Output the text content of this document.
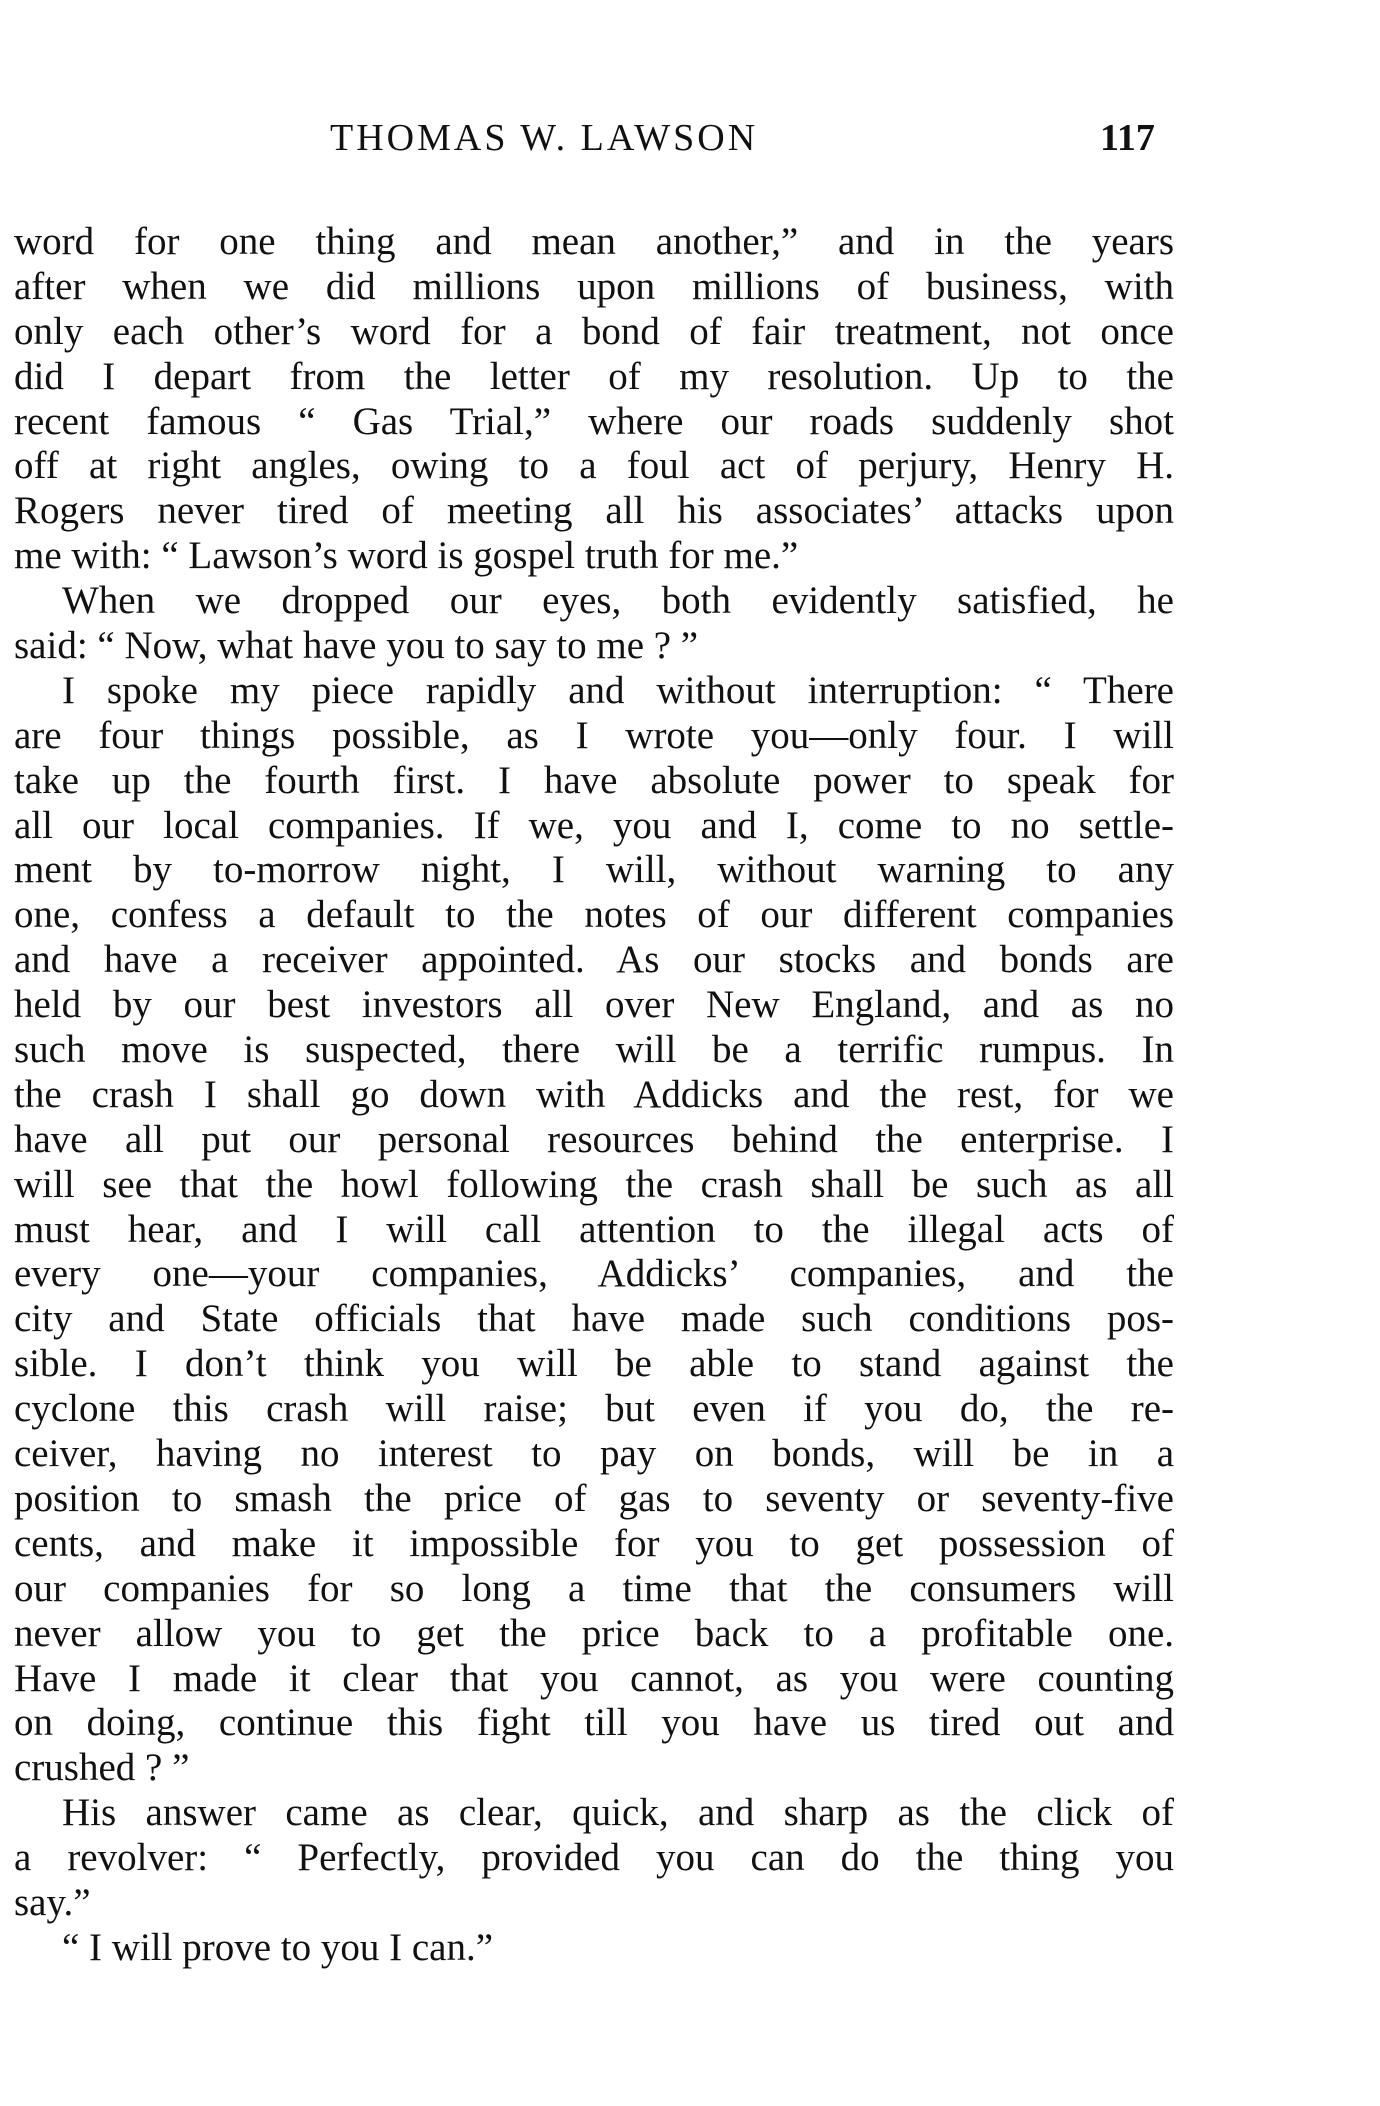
THOMAS W. LAWSON	117
word for one thing and mean another,” and in the years
after when we did millions upon millions of business, with
only each other’s word for a bond of fair treatment, not once
did I depart from the letter of my resolution. Up to the
recent famous “ Gas Trial,” where our roads suddenly shot
off at right angles, owing to a foul act of perjury, Henry H.
Rogers never tired of meeting all his associates’ attacks upon
me with: “ Lawson’s word is gospel truth for me.”
When we dropped our eyes, both evidently satisfied, he
said: “ Now, what have you to say to me ? ”
I spoke my piece rapidly and without interruption: “ There
are four things possible, as I wrote you—only four. I will
take up the fourth first. I have absolute power to speak for
all our local companies. If we, you and I, come to no settle-
ment by to-morrow night, I will, without warning to any
one, confess a default to the notes of our different companies
and have a receiver appointed. As our stocks and bonds are
held by our best investors all over New England, and as no
such move is suspected, there will be a terrific rumpus. In
the crash I shall go down with Addicks and the rest, for we
have all put our personal resources behind the enterprise. I
will see that the howl following the crash shall be such as all
must hear, and I will call attention to the illegal acts of
every one—your companies, Addicks’ companies, and the
city and State officials that have made such conditions pos-
sible. I don’t think you will be able to stand against the
cyclone this crash will raise; but even if you do, the re-
ceiver, having no interest to pay on bonds, will be in a
position to smash the price of gas to seventy or seventy-five
cents, and make it impossible for you to get possession of
our companies for so long a time that the consumers will
never allow you to get the price back to a profitable one.
Have I made it clear that you cannot, as you were counting
on doing, continue this fight till you have us tired out and
crushed ? ”
His answer came as clear, quick, and sharp as the click of
a revolver: “ Perfectly, provided you can do the thing you
say.”
“ I will prove to you I can.”
